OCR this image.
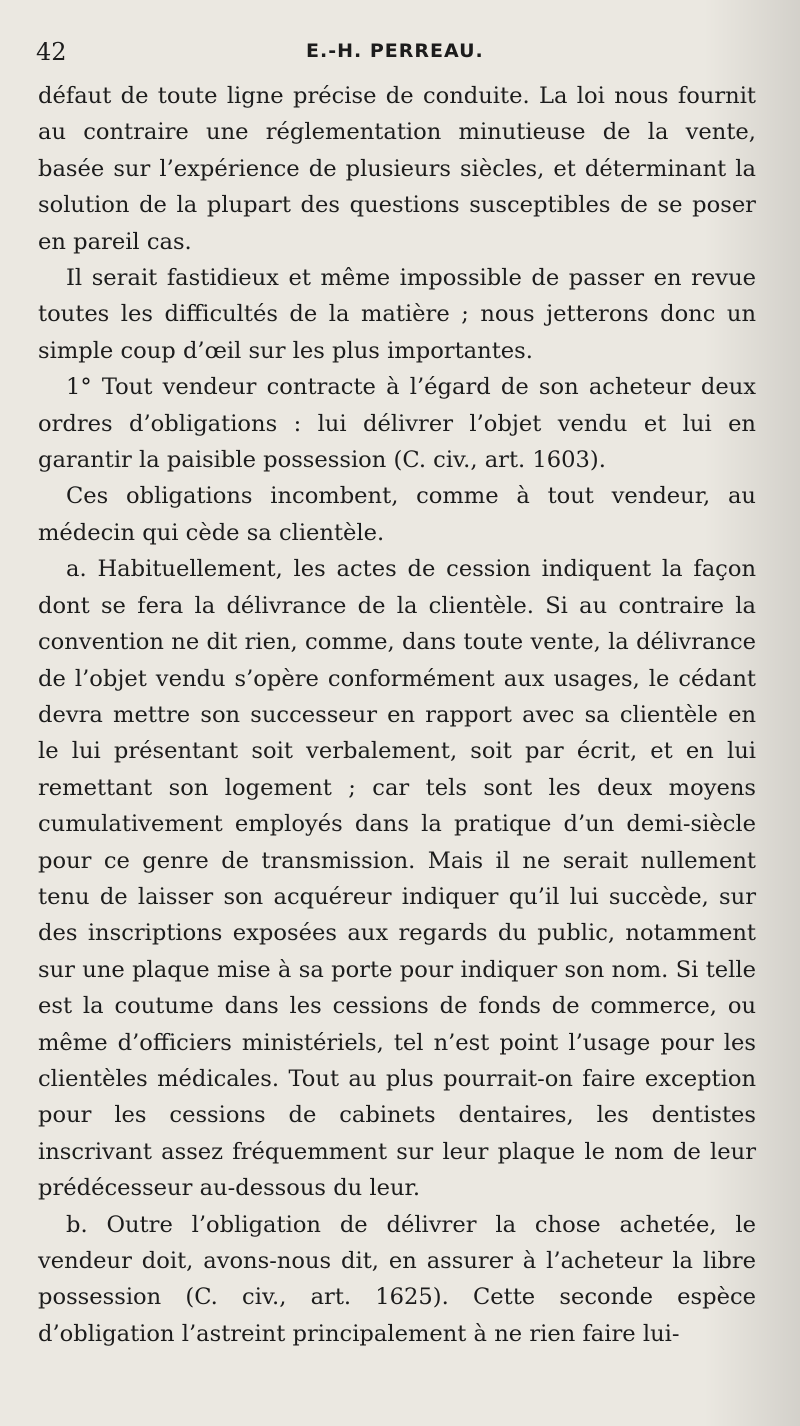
42	E.-H. PERREAU.

défaut de toute ligne précise de conduite. La loi nous fournit au contraire une réglementation minutieuse de la vente, basée sur l’expérience de plusieurs siècles, et déterminant la solution de la plupart des questions susceptibles de se poser en pareil cas.

Il serait fastidieux et même impossible de passer en revue toutes les difficultés de la matière ; nous jetterons donc un simple coup d’œil sur les plus importantes.

1° Tout vendeur contracte à l’égard de son acheteur deux ordres d’obligations : lui délivrer l’objet vendu et lui en garantir la paisible possession (C. civ., art. 1603).

Ces obligations incombent, comme à tout vendeur, au médecin qui cède sa clientèle.

a. Habituellement, les actes de cession indiquent la façon dont se fera la délivrance de la clientèle. Si au contraire la convention ne dit rien, comme, dans toute vente, la délivrance de l’objet vendu s’opère conformément aux usages, le cédant devra mettre son successeur en rapport avec sa clientèle en le lui présentant soit verbalement, soit par écrit, et en lui remettant son logement ; car tels sont les deux moyens cumulativement employés dans la pratique d’un demi-siècle pour ce genre de transmission. Mais il ne serait nullement tenu de laisser son acquéreur indiquer qu’il lui succède, sur des inscriptions exposées aux regards du public, notamment sur une plaque mise à sa porte pour indiquer son nom. Si telle est la coutume dans les cessions de fonds de commerce, ou même d’officiers ministériels, tel n’est point l’usage pour les clientèles médicales. Tout au plus pourrait-on faire exception pour les cessions de cabinets dentaires, les dentistes inscrivant assez fréquemment sur leur plaque le nom de leur prédécesseur au-dessous du leur.

b. Outre l’obligation de délivrer la chose achetée, le vendeur doit, avons-nous dit, en assurer à l’acheteur la libre possession (C. civ., art. 1625). Cette seconde espèce d’obligation l’astreint principalement à ne rien faire lui-
